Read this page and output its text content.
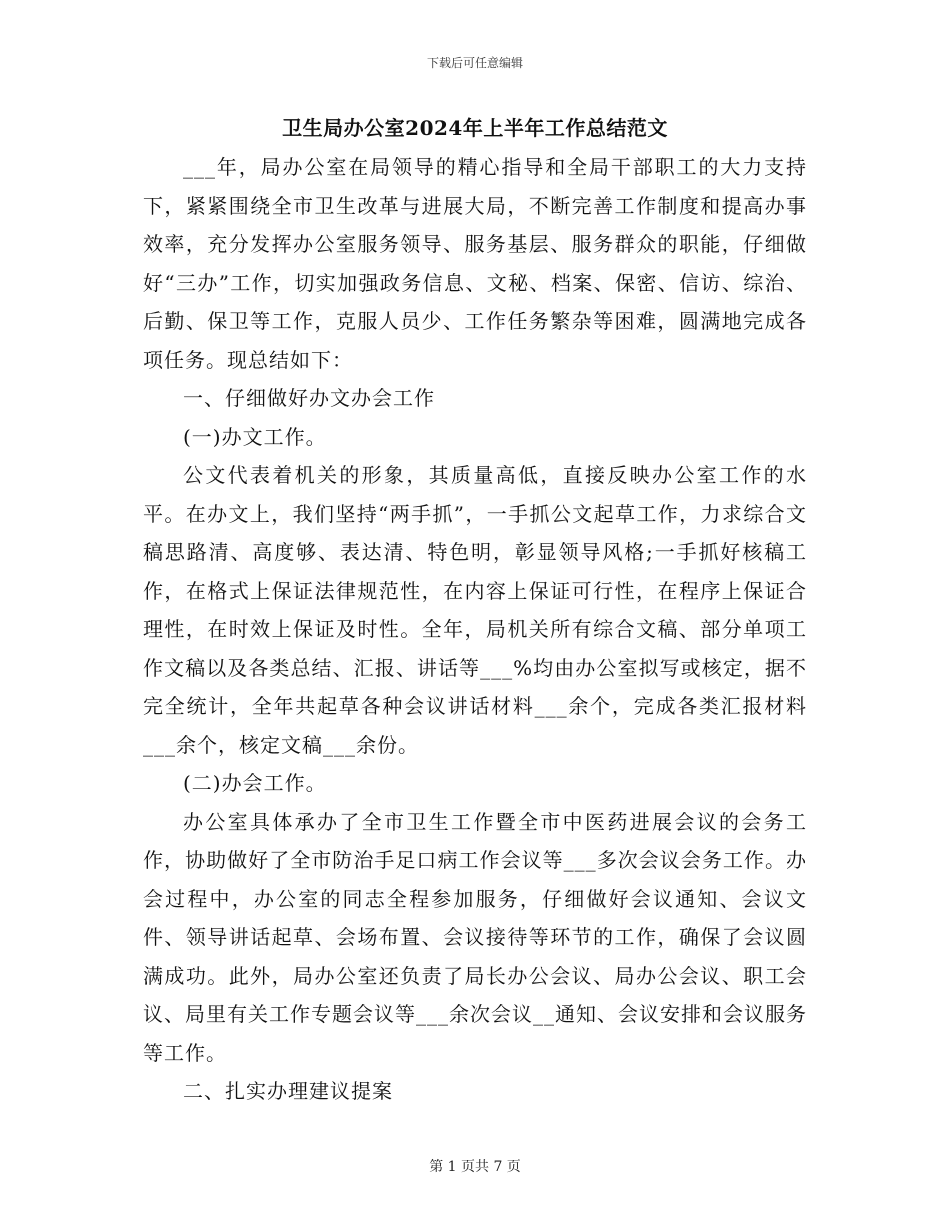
下载后可任意编辑
卫生局办公室2024年上半年工作总结范文

___年，局办公室在局领导的精心指导和全局干部职工的大力支持下，紧紧围绕全市卫生改革与进展大局，不断完善工作制度和提高办事效率，充分发挥办公室服务领导、服务基层、服务群众的职能，仔细做好“三办”工作，切实加强政务信息、文秘、档案、保密、信访、综治、后勤、保卫等工作，克服人员少、工作任务繁杂等困难，圆满地完成各项任务。现总结如下：

一、仔细做好办文办会工作

(一)办文工作。

公文代表着机关的形象，其质量高低，直接反映办公室工作的水平。在办文上，我们坚持“两手抓”，一手抓公文起草工作，力求综合文稿思路清、高度够、表达清、特色明，彰显领导风格;一手抓好核稿工作，在格式上保证法律规范性，在内容上保证可行性，在程序上保证合理性，在时效上保证及时性。全年，局机关所有综合文稿、部分单项工作文稿以及各类总结、汇报、讲话等___%均由办公室拟写或核定，据不完全统计，全年共起草各种会议讲话材料___余个，完成各类汇报材料___余个，核定文稿___余份。

(二)办会工作。

办公室具体承办了全市卫生工作暨全市中医药进展会议的会务工作，协助做好了全市防治手足口病工作会议等___多次会议会务工作。办会过程中，办公室的同志全程参加服务，仔细做好会议通知、会议文件、领导讲话起草、会场布置、会议接待等环节的工作，确保了会议圆满成功。此外，局办公室还负责了局长办公会议、局办公会议、职工会议、局里有关工作专题会议等___余次会议__通知、会议安排和会议服务等工作。

二、扎实办理建议提案

第 1 页共 7 页
